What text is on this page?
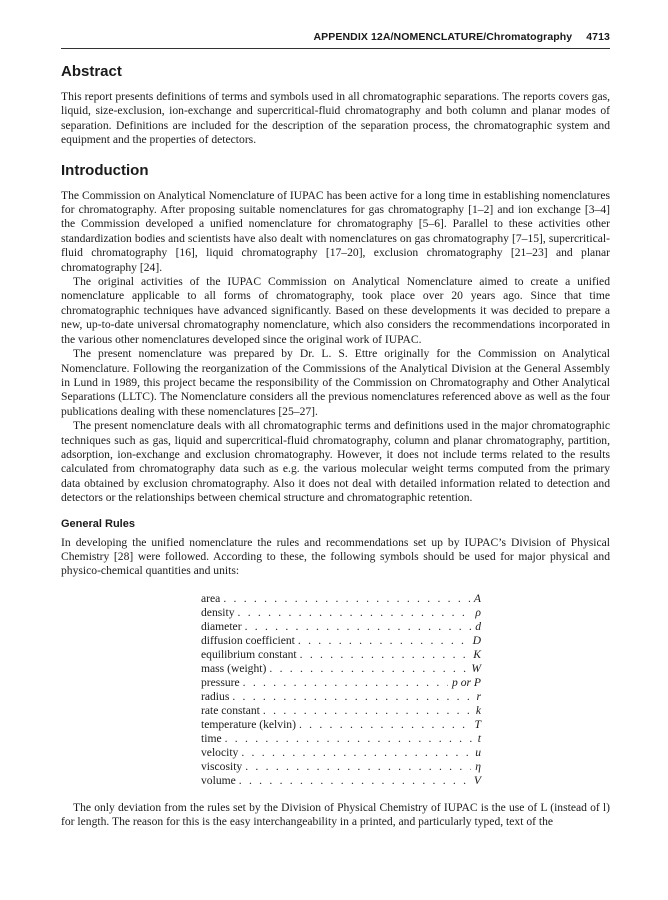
APPENDIX 12A/NOMENCLATURE/Chromatography 4713
Abstract

This report presents definitions of terms and symbols used in all chromatographic separations. The reports covers gas, liquid, size-exclusion, ion-exchange and supercritical-fluid chromatography and both column and planar modes of separation. Definitions are included for the description of the separation process, the chromatographic system and equipment and the properties of detectors.

Introduction

The Commission on Analytical Nomenclature of IUPAC has been active for a long time in establishing nomenclatures for chromatography. After proposing suitable nomenclatures for gas chromatography [1–2] and ion exchange [3–4] the Commission developed a unified nomenclature for chromatography [5–6]. Parallel to these activities other standardization bodies and scientists have also dealt with nomenclatures on gas chromatography [7–15], supercritical-fluid chromatography [16], liquid chromatography [17–20], exclusion chromatography [21–23] and planar chromatography [24].

The original activities of the IUPAC Commission on Analytical Nomenclature aimed to create a unified nomenclature applicable to all forms of chromatography, took place over 20 years ago. Since that time chromatographic techniques have advanced significantly. Based on these developments it was decided to prepare a new, up-to-date universal chromatography nomenclature, which also considers the recommendations incorporated in the various other nomenclatures developed since the original work of IUPAC.

The present nomenclature was prepared by Dr. L. S. Ettre originally for the Commission on Analytical Nomenclature. Following the reorganization of the Commissions of the Analytical Division at the General Assembly in Lund in 1989, this project became the responsibility of the Commission on Chromatography and Other Analytical Separations (LLTC). The Nomenclature considers all the previous nomenclatures referenced above as well as the four publications dealing with these nomenclatures [25–27].

The present nomenclature deals with all chromatographic terms and definitions used in the major chromatographic techniques such as gas, liquid and supercritical-fluid chromatography, column and planar chromatography, partition, adsorption, ion-exchange and exclusion chromatography. However, it does not include terms related to the results calculated from chromatography data such as e.g. the various molecular weight terms computed from the primary data obtained by exclusion chromatography. Also it does not deal with detailed information related to detection and detectors or the relationships between chemical structure and chromatographic retention.

General Rules

In developing the unified nomenclature the rules and recommendations set up by IUPAC’s Division of Physical Chemistry [28] were followed. According to these, the following symbols should be used for major physical and physico-chemical quantities and units:

area . . .	A
density . . .	ρ
diameter . . .	d
diffusion coefficient . . .	D
equilibrium constant . . .	K
mass (weight) . . .	W
pressure . . .	p or P
radius . . .	r
rate constant . . .	k
temperature (kelvin) . . .	T
time . . .	t
velocity . . .	u
viscosity . . .	η
volume . . .	V

The only deviation from the rules set by the Division of Physical Chemistry of IUPAC is the use of L (instead of l) for length. The reason for this is the easy interchangeability in a printed, and particularly typed, text of the
